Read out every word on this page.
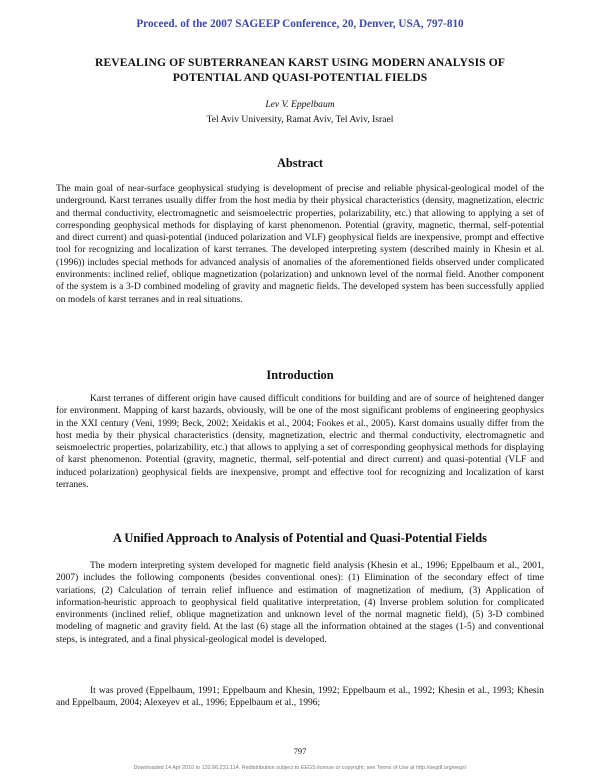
Proceed. of the 2007 SAGEEP Conference, 20, Denver, USA, 797-810
REVEALING OF SUBTERRANEAN KARST USING MODERN ANALYSIS OF
POTENTIAL AND QUASI-POTENTIAL FIELDS
Lev V. Eppelbaum
Tel Aviv University, Ramat Aviv, Tel Aviv, Israel
Abstract

The main goal of near-surface geophysical studying is development of precise and reliable physical-geological model of the underground. Karst terranes usually differ from the host media by their physical characteristics (density, magnetization, electric and thermal conductivity, electromagnetic and seismoelectric properties, polarizability, etc.) that allowing to applying a set of corresponding geophysical methods for displaying of karst phenomenon. Potential (gravity, magnetic, thermal, self-potential and direct current) and quasi-potential (induced polarization and VLF) geophysical fields are inexpensive, prompt and effective tool for recognizing and localization of karst terranes. The developed interpreting system (described mainly in Khesin et al. (1996)) includes special methods for advanced analysis of anomalies of the aforementioned fields observed under complicated environments: inclined relief, oblique magnetization (polarization) and unknown level of the normal field. Another component of the system is a 3-D combined modeling of gravity and magnetic fields. The developed system has been successfully applied on models of karst terranes and in real situations.

Introduction

Karst terranes of different origin have caused difficult conditions for building and are of source of heightened danger for environment. Mapping of karst hazards, obviously, will be one of the most significant problems of engineering geophysics in the XXI century (Veni, 1999; Beck, 2002; Xeidakis et al., 2004; Fookes et al., 2005). Karst domains usually differ from the host media by their physical characteristics (density, magnetization, electric and thermal conductivity, electromagnetic and seismoelectric properties, polarizability, etc.) that allows to applying a set of corresponding geophysical methods for displaying of karst phenomenon. Potential (gravity, magnetic, thermal, self-potential and direct current) and quasi-potential (VLF and induced polarization) geophysical fields are inexpensive, prompt and effective tool for recognizing and localization of karst terranes.

A Unified Approach to Analysis of Potential and Quasi-Potential Fields

The modern interpreting system developed for magnetic field analysis (Khesin et al., 1996; Eppelbaum et al., 2001, 2007) includes the following components (besides conventional ones): (1) Elimination of the secondary effect of time variations, (2) Calculation of terrain relief influence and estimation of magnetization of medium, (3) Application of information-heuristic approach to geophysical field qualitative interpretation, (4) Inverse problem solution for complicated environments (inclined relief, oblique magnetization and unknown level of the normal magnetic field), (5) 3-D combined modeling of magnetic and gravity field. At the last (6) stage all the information obtained at the stages (1-5) and conventional steps, is integrated, and a final physical-geological model is developed.

It was proved (Eppelbaum, 1991; Eppelbaum and Khesin, 1992; Eppelbaum et al., 1992; Khesin et al., 1993; Khesin and Eppelbaum, 2004; Alexeyev et al., 1996; Eppelbaum et al., 1996;

797
Downloaded 14 Apr 2010 to 132.66.231.114. Redistribution subject to EEGS license or copyright; see Terms of Use at http://segdl.org/eegs/
